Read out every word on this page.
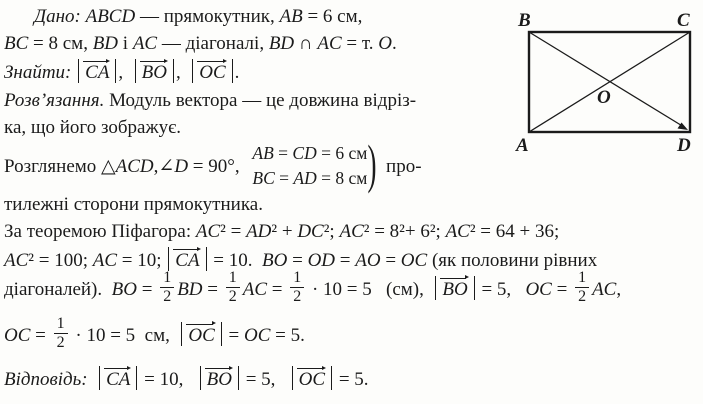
B	C
A	D
O
Дано: ABCD — прямокутник, AB = 6 см,
BC = 8 см, BD і AC — діагоналі, BD ∩ AC = т. O.
Знайти: CA ,  BO ,  OC .
Розв’язання. Модуль вектора — це довжина відріз-
ка, що його зображує.
Розглянемо △ACD,∠D = 90°,
AB = CD = 6 см
BC = AD = 8 см ) про-
тилежні сторони прямокутника.
За теоремою Піфагора: AC² = AD² + DC²; AC² = 8²+ 6²; AC² = 64 + 36;
AC² = 100; AC = 10; CA = 10.  BO = OD = AO = OC (як половини рівних
діагоналей).  BO = $\frac{1}{2}$ BD = $\frac{1}{2}$ AC = $\frac{1}{2} \cdot 10 = 5$   (см),  BO = 5,   OC = $\frac{1}{2}$ AC,
OC = $\frac{1}{2} \cdot 10 = 5$  см,  OC = OC = 5.
Відповідь:  CA = 10,   BO = 5,   OC = 5.
